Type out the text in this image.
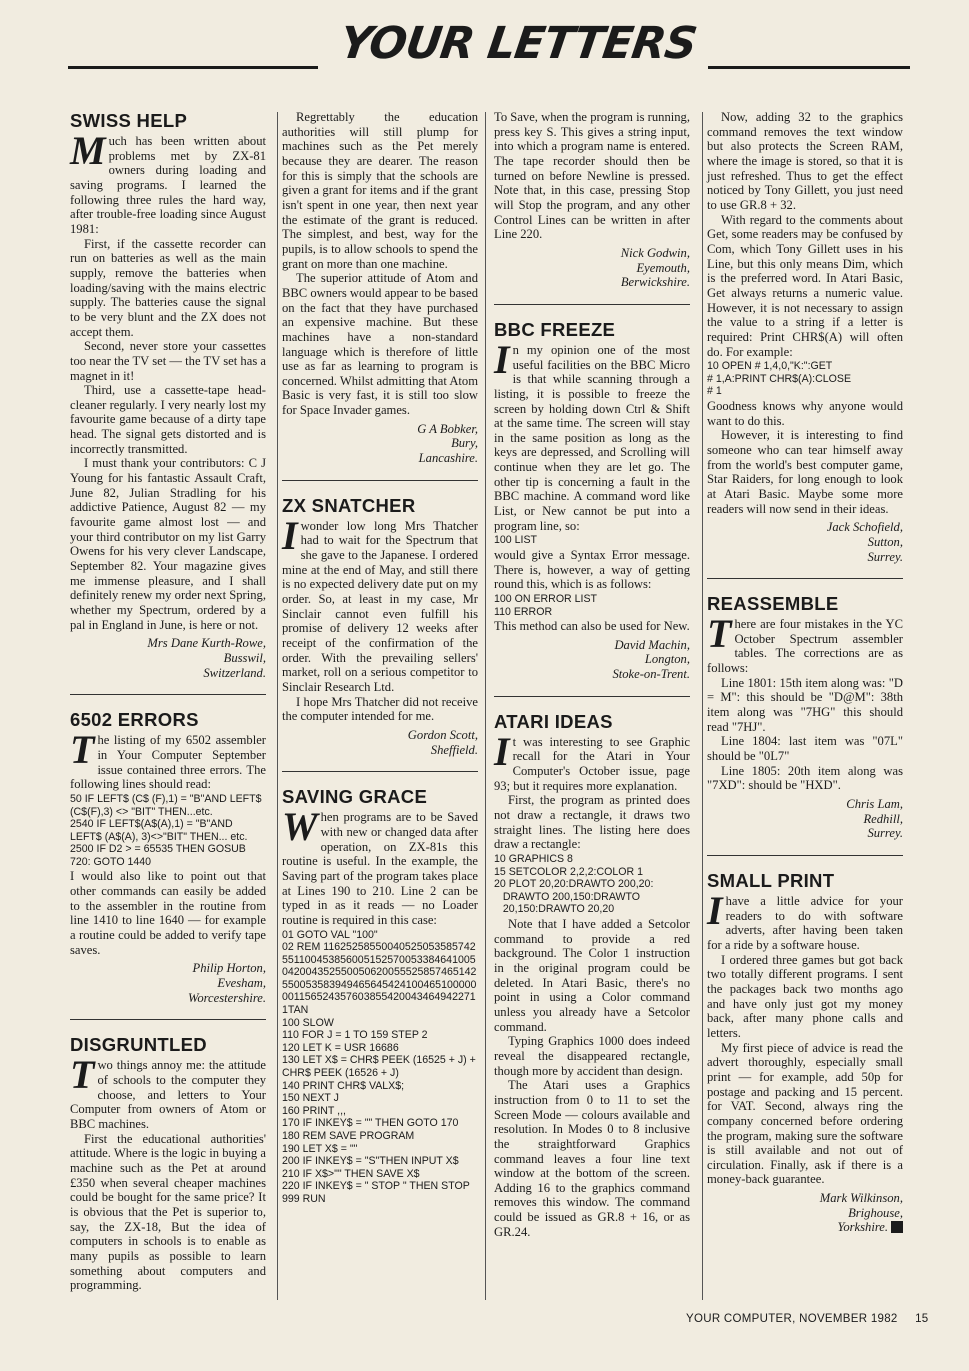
YOUR LETTERS
SWISS HELP
M uch has been written about problems met by ZX-81 owners during loading and saving programs. I learned the following three rules the hard way, after trouble-free loading since August 1981:

First, if the cassette recorder can run on batteries as well as the main supply, remove the batteries when loading/saving with the mains electric supply. The batteries cause the signal to be very blunt and the ZX does not accept them.

Second, never store your cassettes too near the TV set — the TV set has a magnet in it!

Third, use a cassette-tape head-cleaner regularly. I very nearly lost my favourite game because of a dirty tape head. The signal gets distorted and is incorrectly transmitted.

I must thank your contributors: C J Young for his fantastic Assault Craft, June 82, Julian Stradling for his addictive Patience, August 82 — my favourite game almost lost — and your third contributor on my list Garry Owens for his very clever Landscape, September 82. Your magazine gives me immense pleasure, and I shall definitely renew my order next Spring, whether my Spectrum, ordered by a pal in England in June, is here or not.

Mrs Dane Kurth-Rowe,
Busswil,
Switzerland.
6502 ERRORS
T he listing of my 6502 assembler in Your Computer September issue contained three errors. The following lines should read:

50 IF LEFT$ (C$ (F),1) = "B"AND LEFT$ (C$(F),3) <> "BIT" THEN...etc.
2540 IF LEFT$(A$(A),1) = "B"AND LEFT$ (A$(A), 3)<>"BIT" THEN... etc.
2500 IF D2 > = 65535 THEN GOSUB 720: GOTO 1440

I would also like to point out that other commands can easily be added to the assembler in the routine from line 1410 to line 1640 — for example a routine could be added to verify tape saves.

Philip Horton,
Evesham,
Worcestershire.
DISGRUNTLED
T wo things annoy me: the attitude of schools to the computer they choose, and letters to Your Computer from owners of Atom or BBC machines.

First the educational authorities' attitude. Where is the logic in buying a machine such as the Pet at around £350 when several cheaper machines could be bought for the same price? It is obvious that the Pet is superior to, say, the ZX-18, But the idea of computers in schools is to enable as many pupils as possible to learn something about computers and programming.

Regrettably the education authorities will still plump for machines such as the Pet merely because they are dearer. The reason for this is simply that the schools are given a grant for items and if the grant isn't spent in one year, then next year the estimate of the grant is reduced. The simplest, and best, way for the pupils, is to allow schools to spend the grant on more than one machine.

The superior attitude of Atom and BBC owners would appear to be based on the fact that they have purchased an expensive machine. But these machines have a non-standard language which is therefore of little use as far as learning to program is concerned. Whilst admitting that Atom Basic is very fast, it is still too slow for Space Invader games.

G A Bobker,
Bury,
Lancashire.
ZX SNATCHER
I wonder low long Mrs Thatcher had to wait for the Spectrum that she gave to the Japanese. I ordered mine at the end of May, and still there is no expected delivery date put on my order. So, at least in my case, Mr Sinclair cannot even fulfill his promise of delivery 12 weeks after receipt of the confirmation of the order. With the prevailing sellers' market, roll on a serious competitor to Sinclair Research Ltd.

I hope Mrs Thatcher did not receive the computer intended for me.

Gordon Scott,
Sheffield.
SAVING GRACE
W hen programs are to be Saved with new or changed data after operation, on ZX-81s this routine is useful. In the example, the Saving part of the program takes place at Lines 190 to 210. Line 2 can be typed in as it reads — no Loader routine is required in this case:

01 GOTO VAL "100"
02 REM 116252585500405250535857425511004538560051525700533846410050420043525500506200555258574651425500535839494656454241004651000000011565243576038554200434649422711TAN
100 SLOW
110 FOR J = 1 TO 159 STEP 2
120 LET K = USR 16686
130 LET X$ = CHR$ PEEK (16525 + J) + CHR$ PEEK (16526 + J)
140 PRINT CHR$ VALX$;
150 NEXT J
160 PRINT ,,,
170 IF INKEY$ = "" THEN GOTO 170
180 REM SAVE PROGRAM
190 LET X$ = ""
200 IF INKEY$ = "S"THEN INPUT X$
210 IF X$>"" THEN SAVE X$
220 IF INKEY$ = " STOP " THEN STOP
999 RUN

To Save, when the program is running, press key S. This gives a string input, into which a program name is entered. The tape recorder should then be turned on before Newline is pressed. Note that, in this case, pressing Stop will Stop the program, and any other Control Lines can be written in after Line 220.

Nick Godwin,
Eyemouth,
Berwickshire.
BBC FREEZE
I n my opinion one of the most useful facilities on the BBC Micro is that while scanning through a listing, it is possible to freeze the screen by holding down Ctrl & Shift at the same time. The screen will stay in the same position as long as the keys are depressed, and Scrolling will continue when they are let go. The other tip is concerning a fault in the BBC machine. A command word like List, or New cannot be put into a program line, so:

100 LIST

would give a Syntax Error message. There is, however, a way of getting round this, which is as follows:

100 ON ERROR LIST
110 ERROR

This method can also be used for New.

David Machin,
Longton,
Stoke-on-Trent.
ATARI IDEAS
I t was interesting to see Graphic recall for the Atari in Your Computer's October issue, page 93; but it requires more explanation.

First, the program as printed does not draw a rectangle, it draws two straight lines. The listing here does draw a rectangle:

10 GRAPHICS 8
15 SETCOLOR 2,2,2:COLOR 1
20 PLOT 20,20:DRAWTO 200,20:
DRAWTO 200,150:DRAWTO
20,150:DRAWTO 20,20

Note that I have added a Setcolor command to provide a red background. The Color 1 instruction in the original program could be deleted. In Atari Basic, there's no point in using a Color command unless you already have a Setcolor command.

Typing Graphics 1000 does indeed reveal the disappeared rectangle, though more by accident than design.

The Atari uses a Graphics instruction from 0 to 11 to set the Screen Mode — colours available and resolution. In Modes 0 to 8 inclusive the straightforward Graphics command leaves a four line text window at the bottom of the screen. Adding 16 to the graphics command removes this window. The command could be issued as GR.8 + 16, or as GR.24.

Now, adding 32 to the graphics command removes the text window but also protects the Screen RAM, where the image is stored, so that it is just refreshed. Thus to get the effect noticed by Tony Gillett, you just need to use GR.8 + 32.

With regard to the comments about Get, some readers may be confused by Com, which Tony Gillett uses in his Line, but this only means Dim, which is the preferred word. In Atari Basic, Get always returns a numeric value. However, it is not necessary to assign the value to a string if a letter is required: Print CHR$(A) will often do. For example:

10 OPEN # 1,4,0,"K:":GET
# 1,A:PRINT CHR$(A):CLOSE
# 1

Goodness knows why anyone would want to do this.

However, it is interesting to find someone who can tear himself away from the world's best computer game, Star Raiders, for long enough to look at Atari Basic. Maybe some more readers will now send in their ideas.

Jack Schofield,
Sutton,
Surrey.
REASSEMBLE
T here are four mistakes in the YC October Spectrum assembler tables. The corrections are as follows:

Line 1801: 15th item along was: "D = M": this should be "D@M": 38th item along was "7HG" this should read "7HJ".

Line 1804: last item was "07L" should be "0L7"

Line 1805: 20th item along was "7XD": should be "HXD".

Chris Lam,
Redhill,
Surrey.
SMALL PRINT
I have a little advice for your readers to do with software adverts, after having been taken for a ride by a software house.

I ordered three games but got back two totally different programs. I sent the packages back two months ago and have only just got my money back, after many phone calls and letters.

My first piece of advice is read the advert thoroughly, especially small print — for example, add 50p for postage and packing and 15 percent. for VAT. Second, always ring the company concerned before ordering the program, making sure the software is still available and not out of circulation. Finally, ask if there is a money-back guarantee.

Mark Wilkinson,
Brighouse,
Yorkshire.
YOUR COMPUTER, NOVEMBER 1982 15
